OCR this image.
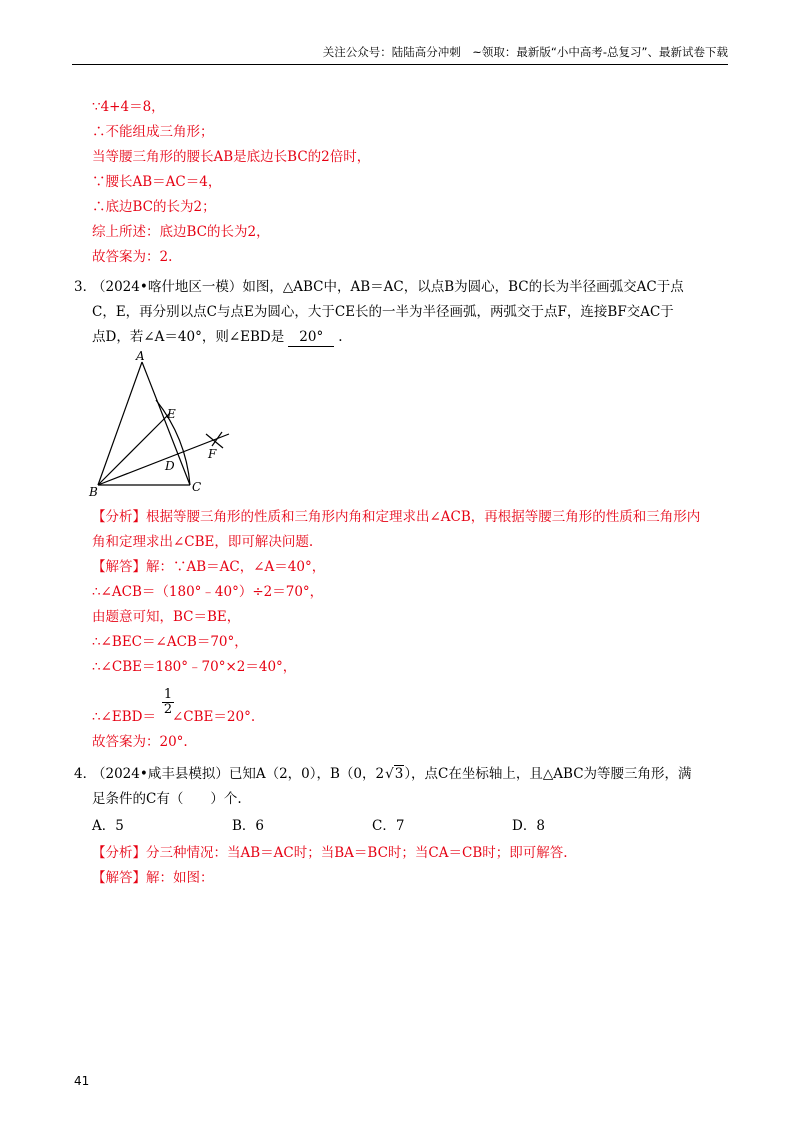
关注公众号：陆陆高分冲刺　~领取：最新版“小中高考-总复习”、最新试卷下载
∵4+4＝8，
∴不能组成三角形；
当等腰三角形的腰长AB是底边长BC的2倍时，
∵腰长AB＝AC＝4，
∴底边BC的长为2；
综上所述：底边BC的长为2，
故答案为：2.
3．
（2024•喀什地区一模）如图，△ABC中，AB＝AC，以点B为圆心，BC的长为半径画弧交AC于点
C，E，再分别以点C与点E为圆心，大于CE长的一半为半径画弧，两弧交于点F，连接BF交AC于
点D，若∠A＝40°，则∠EBD是 20° .
A
E
F
D
B	C
【分析】根据等腰三角形的性质和三角形内角和定理求出∠ACB，再根据等腰三角形的性质和三角形内
角和定理求出∠CBE，即可解决问题.
【解答】解：∵AB＝AC，∠A＝40°，
∴∠ACB＝（180°﹣40°）÷2＝70°，
由题意可知，BC＝BE，
∴∠BEC＝∠ACB＝70°，
∴∠CBE＝180°﹣70°×2＝40°，
$\frac{1}{2}$
∴∠EBD＝ ∠CBE＝20°.
故答案为：20°.
4．
（2024•咸丰县模拟）已知A（2，0），B（0，2√3），点C在坐标轴上，且△ABC为等腰三角形，满
足条件的C有（　　）个.
A．5	B．6	C．7	D．8
【分析】分三种情况：当AB＝AC时；当BA＝BC时；当CA＝CB时；即可解答.
【解答】解：如图：
41
